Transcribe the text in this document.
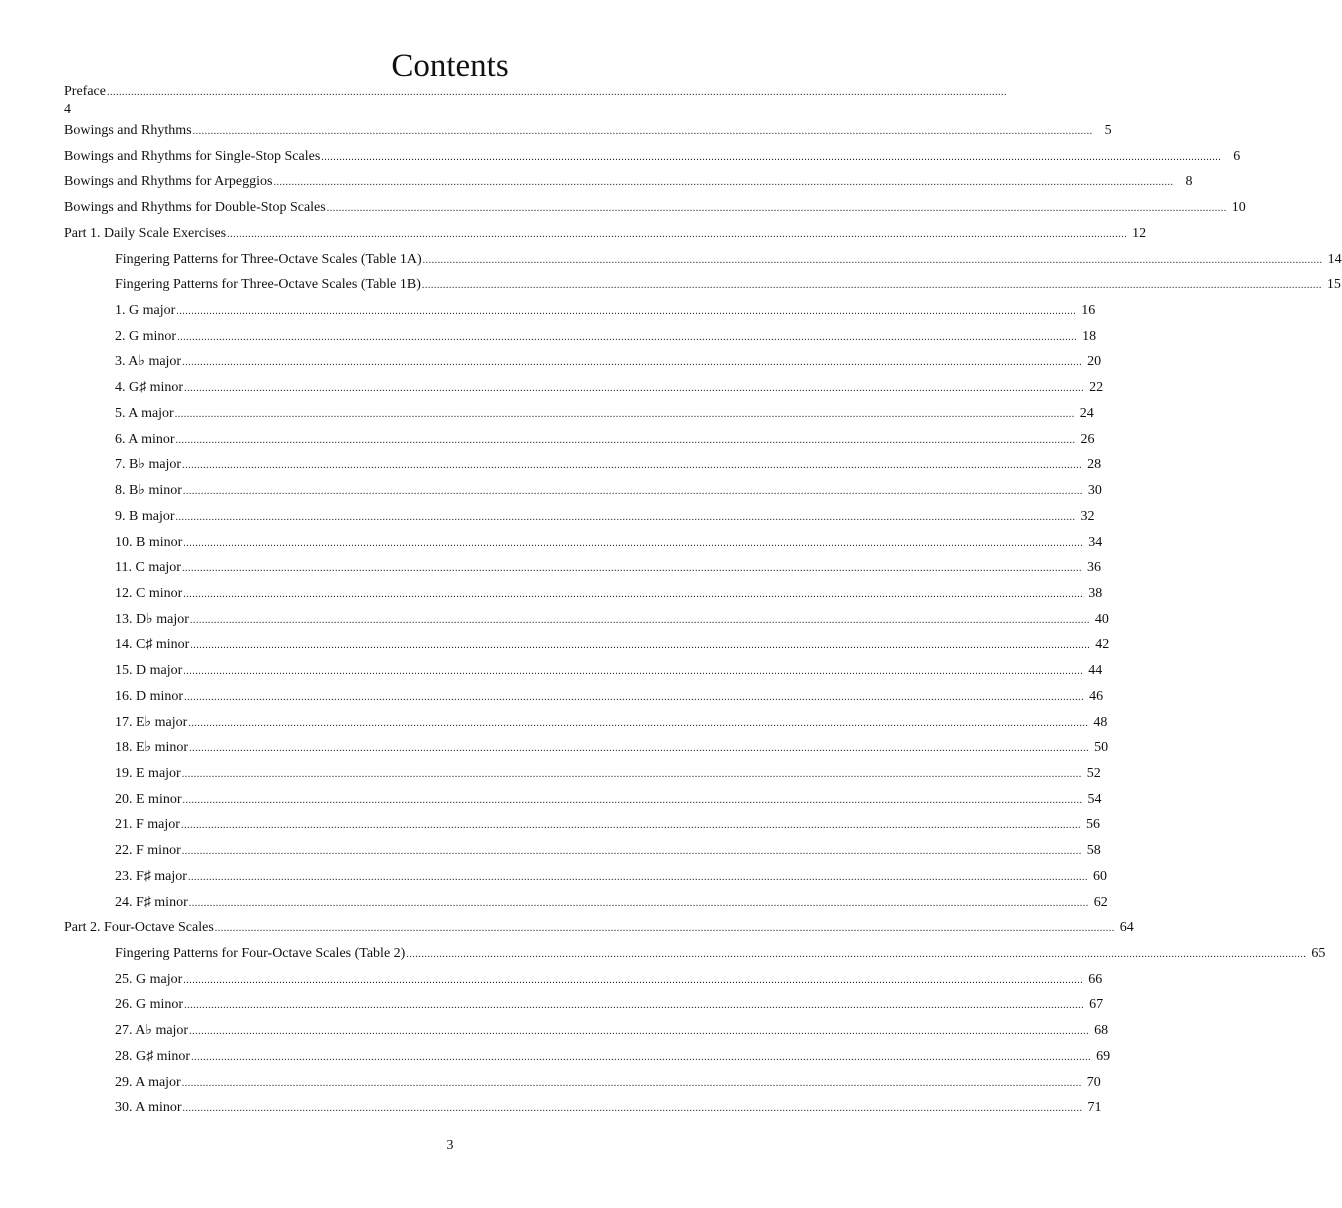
Contents
Preface ............................................................................................................................................................................................................................................................................................................
4
Bowings and Rhythms ............................................................................................................................................................................................................................................................................................................ 5
Bowings and Rhythms for Single-Stop Scales ............................................................................................................................................................................................................................................................................................................ 6
Bowings and Rhythms for Arpeggios ............................................................................................................................................................................................................................................................................................................ 8
Bowings and Rhythms for Double-Stop Scales ............................................................................................................................................................................................................................................................................................................ 10
Part 1. Daily Scale Exercises ............................................................................................................................................................................................................................................................................................................ 12
Fingering Patterns for Three-Octave Scales (Table 1A) ............................................................................................................................................................................................................................................................................................................ 14
Fingering Patterns for Three-Octave Scales (Table 1B) ............................................................................................................................................................................................................................................................................................................ 15
1. G major ............................................................................................................................................................................................................................................................................................................ 16
2. G minor ............................................................................................................................................................................................................................................................................................................ 18
3. A♭ major ............................................................................................................................................................................................................................................................................................................ 20
4. G♯ minor ............................................................................................................................................................................................................................................................................................................ 22
5. A major ............................................................................................................................................................................................................................................................................................................ 24
6. A minor ............................................................................................................................................................................................................................................................................................................ 26
7. B♭ major ............................................................................................................................................................................................................................................................................................................ 28
8. B♭ minor ............................................................................................................................................................................................................................................................................................................ 30
9. B major ............................................................................................................................................................................................................................................................................................................ 32
10. B minor ............................................................................................................................................................................................................................................................................................................ 34
11. C major ............................................................................................................................................................................................................................................................................................................ 36
12. C minor ............................................................................................................................................................................................................................................................................................................ 38
13. D♭ major ............................................................................................................................................................................................................................................................................................................ 40
14. C♯ minor ............................................................................................................................................................................................................................................................................................................ 42
15. D major ............................................................................................................................................................................................................................................................................................................ 44
16. D minor ............................................................................................................................................................................................................................................................................................................ 46
17. E♭ major ............................................................................................................................................................................................................................................................................................................ 48
18. E♭ minor ............................................................................................................................................................................................................................................................................................................ 50
19. E major ............................................................................................................................................................................................................................................................................................................ 52
20. E minor ............................................................................................................................................................................................................................................................................................................ 54
21. F major ............................................................................................................................................................................................................................................................................................................ 56
22. F minor ............................................................................................................................................................................................................................................................................................................ 58
23. F♯ major ............................................................................................................................................................................................................................................................................................................ 60
24. F♯ minor ............................................................................................................................................................................................................................................................................................................ 62
Part 2. Four-Octave Scales ............................................................................................................................................................................................................................................................................................................ 64
Fingering Patterns for Four-Octave Scales (Table 2) ............................................................................................................................................................................................................................................................................................................ 65
25. G major ............................................................................................................................................................................................................................................................................................................ 66
26. G minor ............................................................................................................................................................................................................................................................................................................ 67
27. A♭ major ............................................................................................................................................................................................................................................................................................................ 68
28. G♯ minor ............................................................................................................................................................................................................................................................................................................ 69
29. A major ............................................................................................................................................................................................................................................................................................................ 70
30. A minor ............................................................................................................................................................................................................................................................................................................ 71
3
